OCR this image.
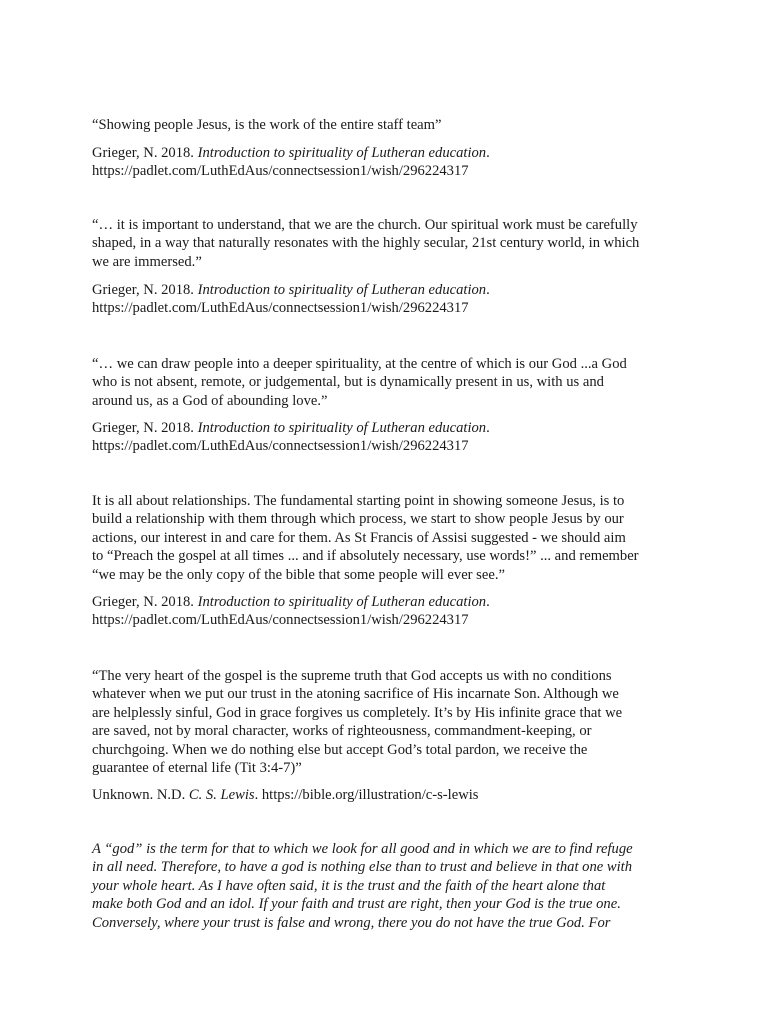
“Showing people Jesus, is the work of the entire staff team”

Grieger, N. 2018. Introduction to spirituality of Lutheran education.
https://padlet.com/LuthEdAus/connectsession1/wish/296224317

“… it is important to understand, that we are the church. Our spiritual work must be carefully
shaped, in a way that naturally resonates with the highly secular, 21st century world, in which
we are immersed.”

Grieger, N. 2018. Introduction to spirituality of Lutheran education.
https://padlet.com/LuthEdAus/connectsession1/wish/296224317

“… we can draw people into a deeper spirituality, at the centre of which is our God ...a God
who is not absent, remote, or judgemental, but is dynamically present in us, with us and
around us, as a God of abounding love.”

Grieger, N. 2018. Introduction to spirituality of Lutheran education.
https://padlet.com/LuthEdAus/connectsession1/wish/296224317

It is all about relationships. The fundamental starting point in showing someone Jesus, is to
build a relationship with them through which process, we start to show people Jesus by our
actions, our interest in and care for them. As St Francis of Assisi suggested - we should aim
to “Preach the gospel at all times ... and if absolutely necessary, use words!” ... and remember
“we may be the only copy of the bible that some people will ever see.”

Grieger, N. 2018. Introduction to spirituality of Lutheran education.
https://padlet.com/LuthEdAus/connectsession1/wish/296224317

“The very heart of the gospel is the supreme truth that God accepts us with no conditions
whatever when we put our trust in the atoning sacrifice of His incarnate Son. Although we
are helplessly sinful, God in grace forgives us completely. It’s by His infinite grace that we
are saved, not by moral character, works of righteousness, commandment-keeping, or
churchgoing. When we do nothing else but accept God’s total pardon, we receive the
guarantee of eternal life (Tit 3:4-7)”

Unknown. N.D. C. S. Lewis. https://bible.org/illustration/c-s-lewis

A “god” is the term for that to which we look for all good and in which we are to find refuge
in all need. Therefore, to have a god is nothing else than to trust and believe in that one with
your whole heart. As I have often said, it is the trust and the faith of the heart alone that
make both God and an idol. If your faith and trust are right, then your God is the true one.
Conversely, where your trust is false and wrong, there you do not have the true God. For
